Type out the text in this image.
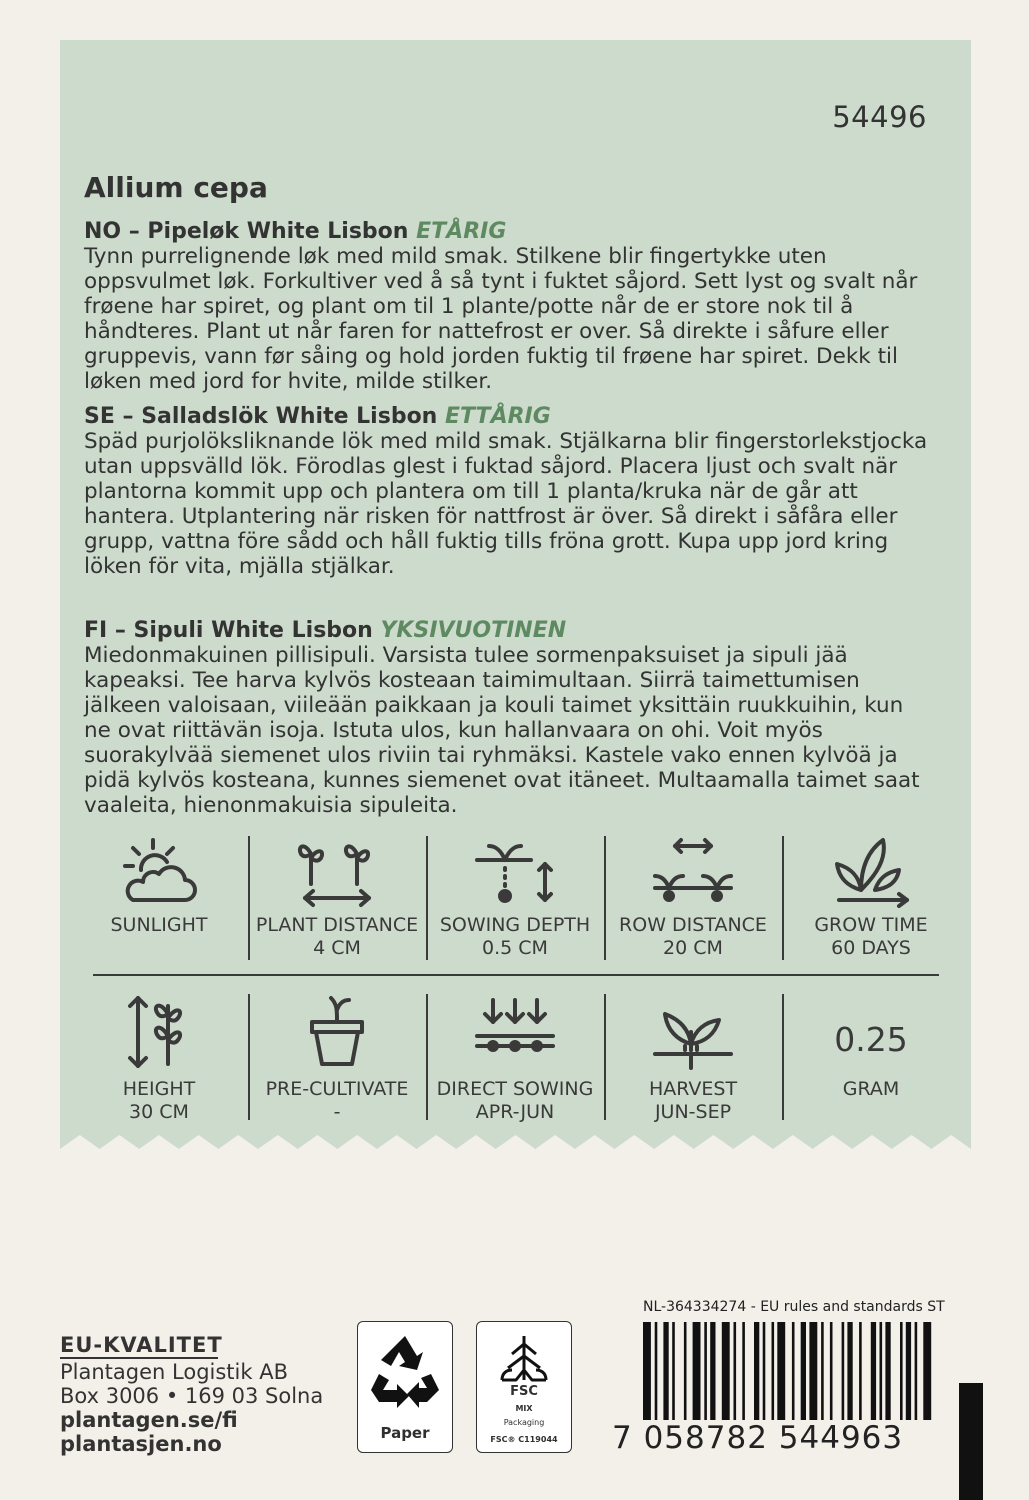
54496
Allium cepa
NO – Pipeløk White Lisbon ETÅRIG

Tynn purrelignende løk med mild smak. Stilkene blir fingertykke uten oppsvulmet løk. Forkultiver ved å så tynt i fuktet såjord. Sett lyst og svalt når frøene har spiret, og plant om til 1 plante/potte når de er store nok til å håndteres. Plant ut når faren for nattefrost er over. Så direkte i såfure eller gruppevis, vann før såing og hold jorden fuktig til frøene har spiret. Dekk til løken med jord for hvite, milde stilker.

SE – Salladslök White Lisbon ETTÅRIG

Späd purjolöksliknande lök med mild smak. Stjälkarna blir fingerstorlekstjocka utan uppsvälld lök. Förodlas glest i fuktad såjord. Placera ljust och svalt när plantorna kommit upp och plantera om till 1 planta/kruka när de går att hantera. Utplantering när risken för nattfrost är över. Så direkt i såfåra eller grupp, vattna före sådd och håll fuktig tills fröna grott. Kupa upp jord kring löken för vita, mjälla stjälkar.

FI – Sipuli White Lisbon YKSIVUOTINEN

Miedonmakuinen pillisipuli. Varsista tulee sormenpaksuiset ja sipuli jää kapeaksi. Tee harva kylvös kosteaan taimimultaan. Siirrä taimettumisen jälkeen valoisaan, viileään paikkaan ja kouli taimet yksittäin ruukkuihin, kun ne ovat riittävän isoja. Istuta ulos, kun hallanvaara on ohi. Voit myös suorakylvää siemenet ulos riviin tai ryhmäksi. Kastele vako ennen kylvöä ja pidä kylvös kosteana, kunnes siemenet ovat itäneet. Multaamalla taimet saat vaaleita, hienonmakuisia sipuleita.

SUNLIGHT	PLANT DISTANCE
4 CM
SOWING DEPTH
0.5 CM
ROW DISTANCE
20 CM
GROW TIME
60 DAYS
HEIGHT
30 CM
PRE-CULTIVATE
-
DIRECT SOWING
APR-JUN
HARVEST
JUN-SEP
0.25
GRAM
EU-KVALITET
Plantagen Logistik AB
Box 3006 • 169 03 Solna
plantagen.se/fi
plantasjen.no	Paper
FSC
MIX
Packaging
FSC® C119044
NL-364334274 - EU rules and standards ST
7 058782 544963
